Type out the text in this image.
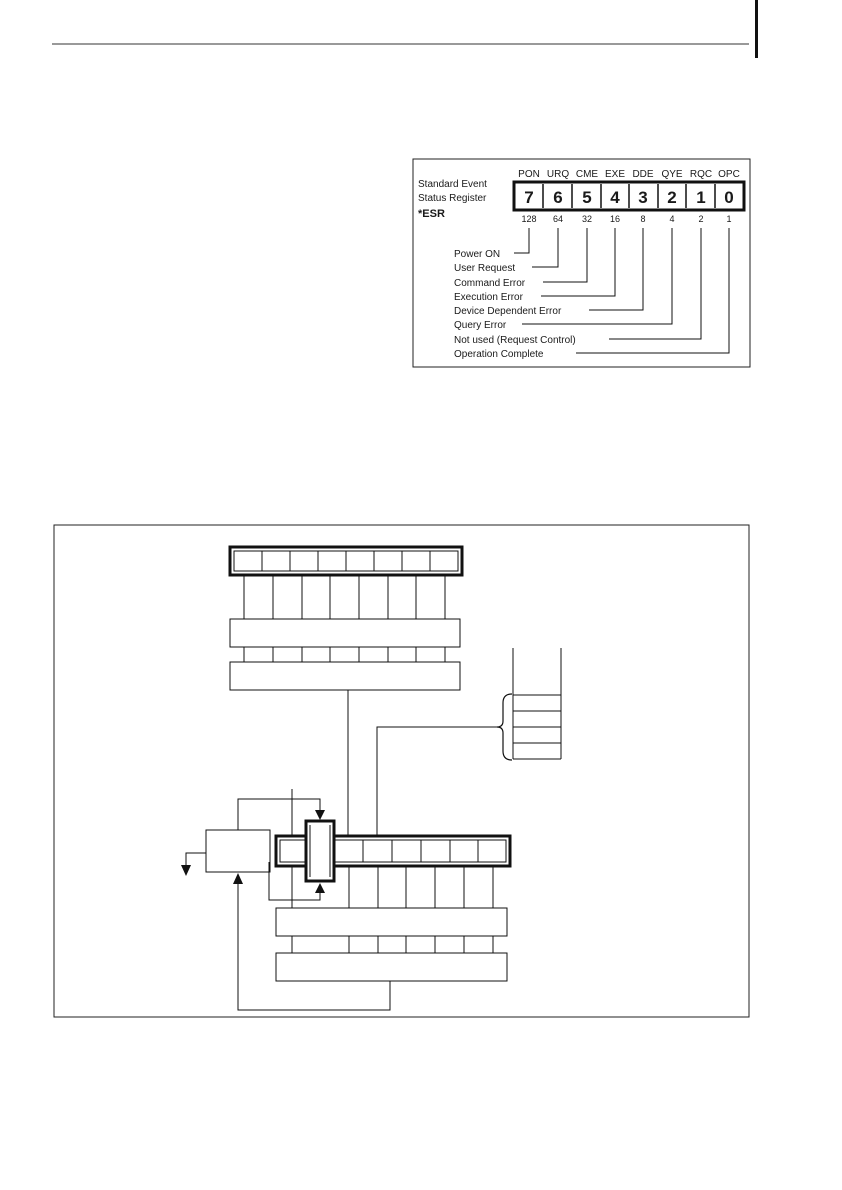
Standard Event
Status Register
*ESR
PON
7
128
URQ
6
64
CME
5
32
EXE
4
16
DDE
3
8
QYE
2
4
RQC
1
2
OPC
0
1
Power ON
User Request
Command Error
Execution Error
Device Dependent Error
Query Error
Not used (Request Control)
Operation Complete
